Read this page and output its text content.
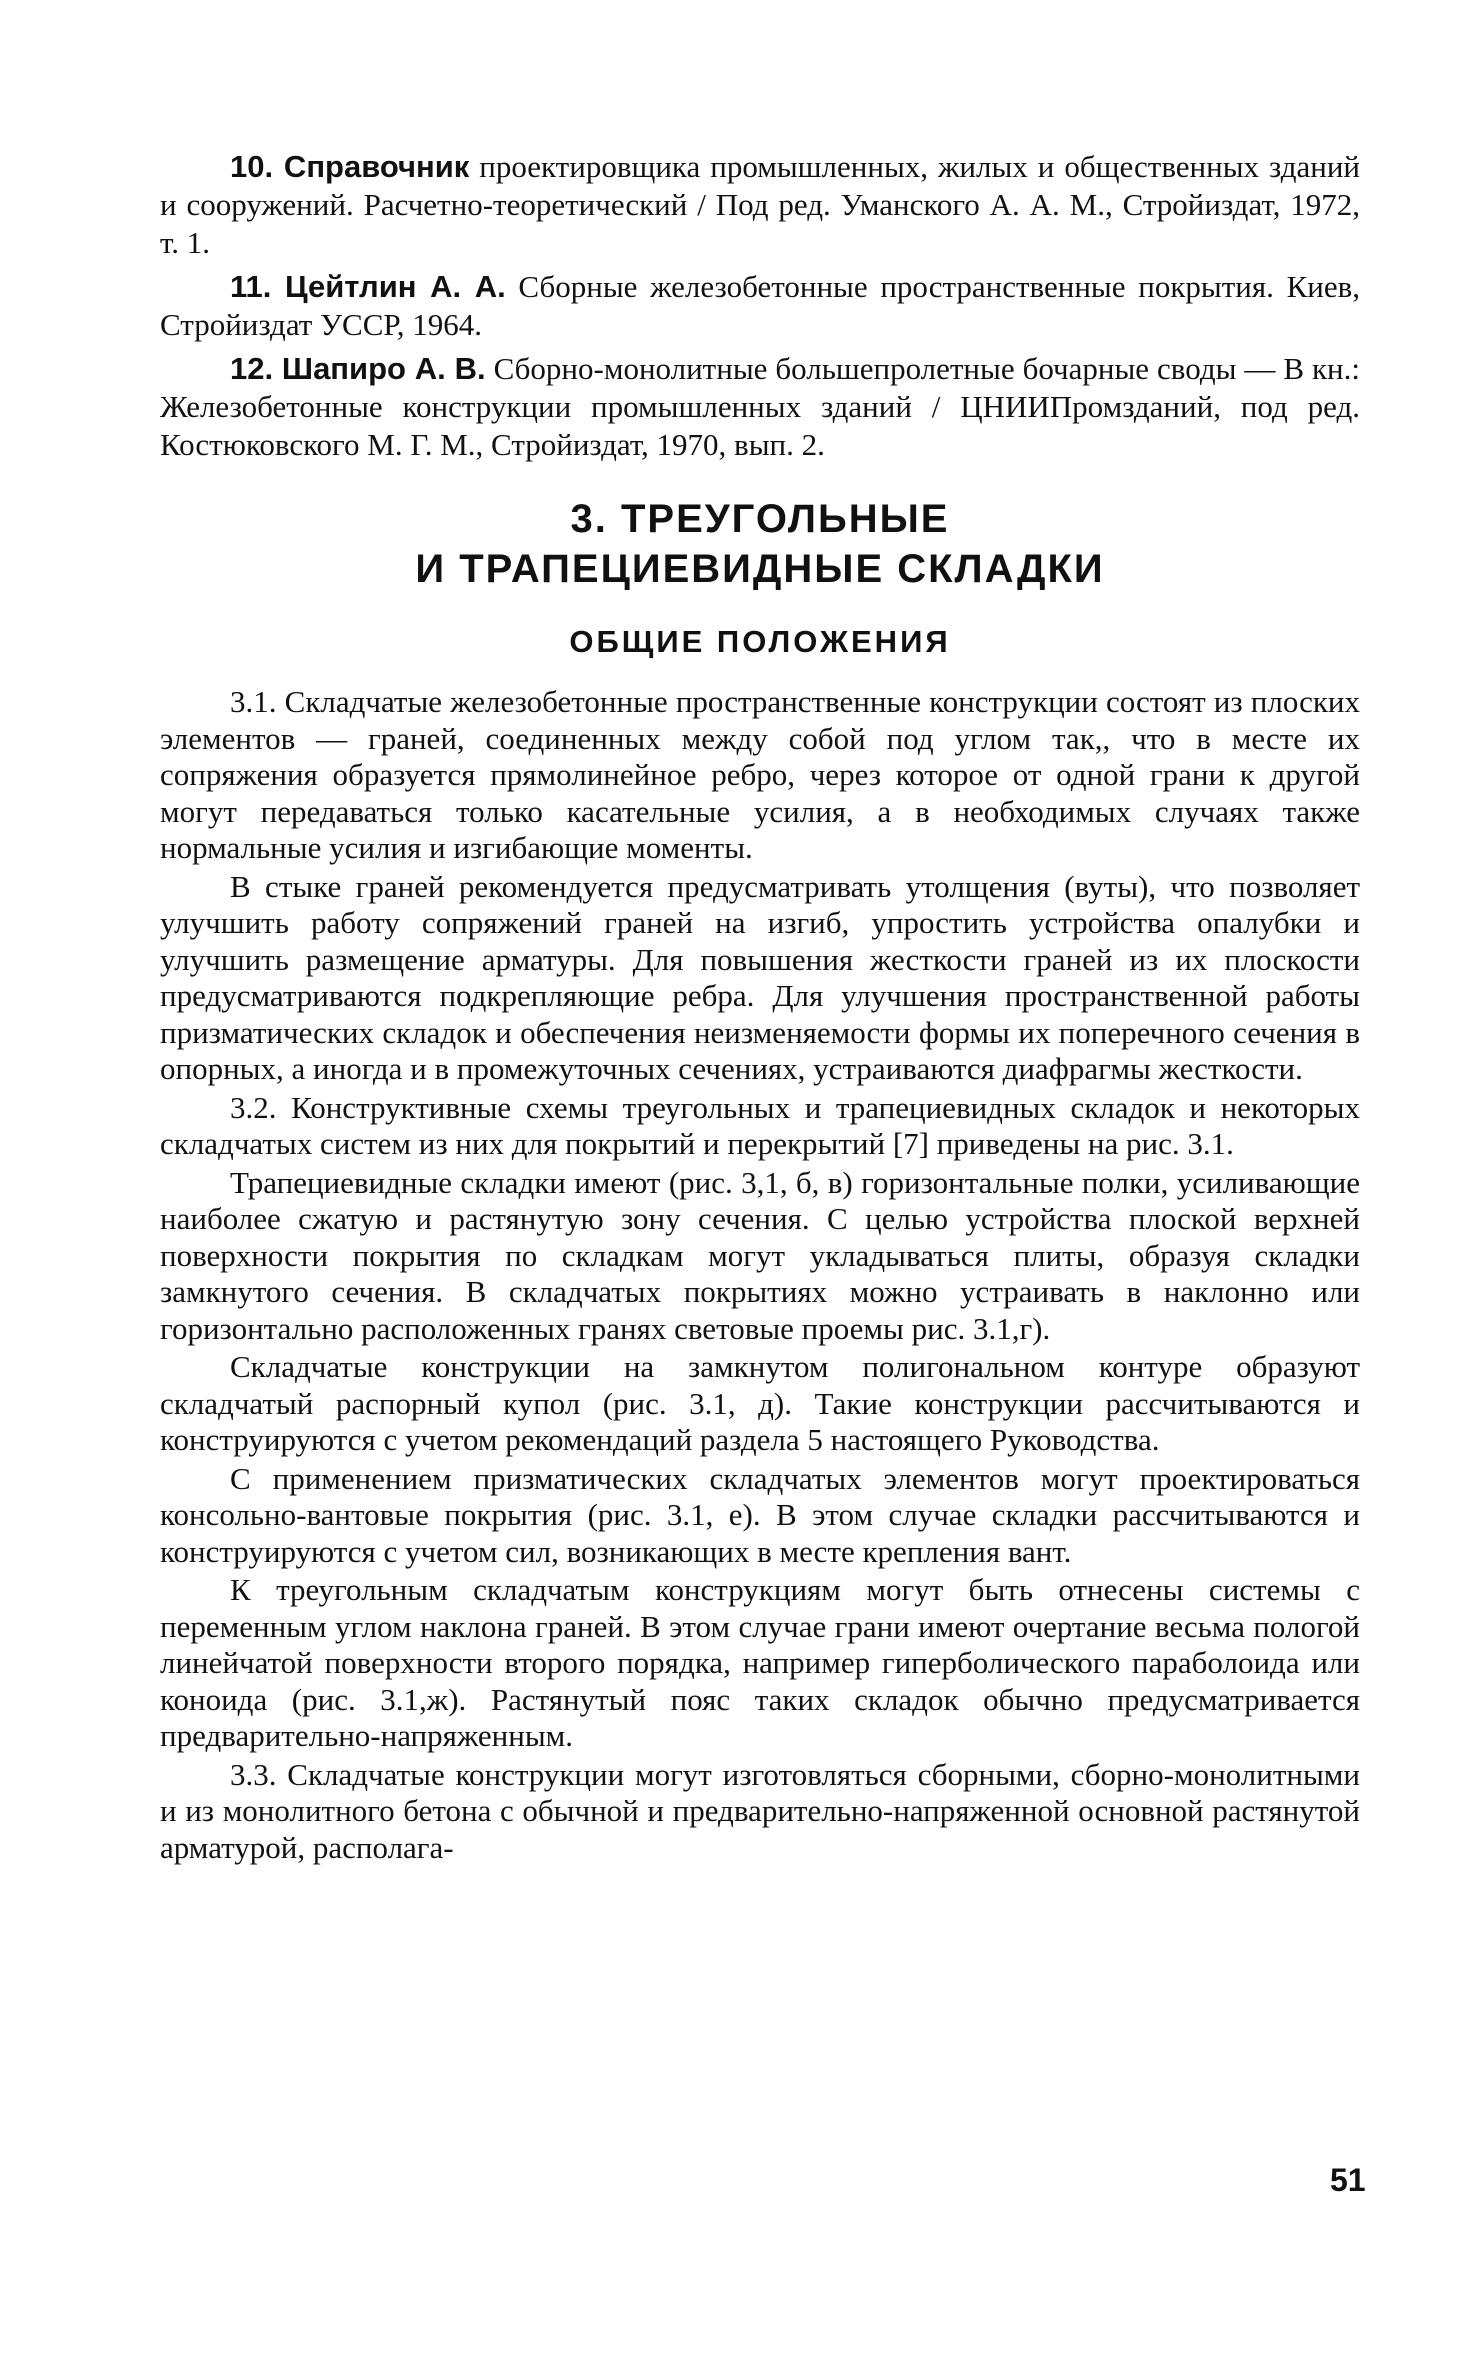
10. Справочник проектировщика промышленных, жилых и общественных зданий и сооружений. Расчетно-теоретический / Под ред. Уманского А. А. М., Стройиздат, 1972, т. 1.

11. Цейтлин А. А. Сборные железобетонные пространственные покрытия. Киев, Стройиздат УССР, 1964.

12. Шапиро А. В. Сборно-монолитные большепролетные бочарные своды — В кн.: Железобетонные конструкции промышленных зданий / ЦНИИПромзданий, под ред. Костюковского М. Г. М., Стройиздат, 1970, вып. 2.

3. ТРЕУГОЛЬНЫЕ
И ТРАПЕЦИЕВИДНЫЕ СКЛАДКИ
ОБЩИЕ ПОЛОЖЕНИЯ

3.1. Складчатые железобетонные пространственные конструкции состоят из плоских элементов — граней, соединенных между собой под углом так,, что в месте их сопряжения образуется прямолинейное ребро, через которое от одной грани к другой могут передаваться только касательные усилия, а в необходимых случаях также нормальные усилия и изгибающие моменты.

В стыке граней рекомендуется предусматривать утолщения (вуты), что позволяет улучшить работу сопряжений граней на изгиб, упростить устройства опалубки и улучшить размещение арматуры. Для повышения жесткости граней из их плоскости предусматриваются подкрепляющие ребра. Для улучшения пространственной работы призматических складок и обеспечения неизменяемости формы их поперечного сечения в опорных, а иногда и в промежуточных сечениях, устраиваются диафрагмы жесткости.

3.2. Конструктивные схемы треугольных и трапециевидных складок и некоторых складчатых систем из них для покрытий и перекрытий [7] приведены на рис. 3.1.

Трапециевидные складки имеют (рис. 3,1, б, в) горизонтальные полки, усиливающие наиболее сжатую и растянутую зону сечения. С целью устройства плоской верхней поверхности покрытия по складкам могут укладываться плиты, образуя складки замкнутого сечения. В складчатых покрытиях можно устраивать в наклонно или горизонтально расположенных гранях световые проемы рис. 3.1,г).

Складчатые конструкции на замкнутом полигональном контуре образуют складчатый распорный купол (рис. 3.1, д). Такие конструкции рассчитываются и конструируются с учетом рекомендаций раздела 5 настоящего Руководства.

С применением призматических складчатых элементов могут проектироваться консольно-вантовые покрытия (рис. 3.1, е). В этом случае складки рассчитываются и конструируются с учетом сил, возникающих в месте крепления вант.

К треугольным складчатым конструкциям могут быть отнесены системы с переменным углом наклона граней. В этом случае грани имеют очертание весьма пологой линейчатой поверхности второго порядка, например гиперболического параболоида или коноида (рис. 3.1,ж). Растянутый пояс таких складок обычно предусматривается предварительно-напряженным.

3.3. Складчатые конструкции могут изготовляться сборными, сборно-монолитными и из монолитного бетона с обычной и предварительно-напряженной основной растянутой арматурой, располага-

51
